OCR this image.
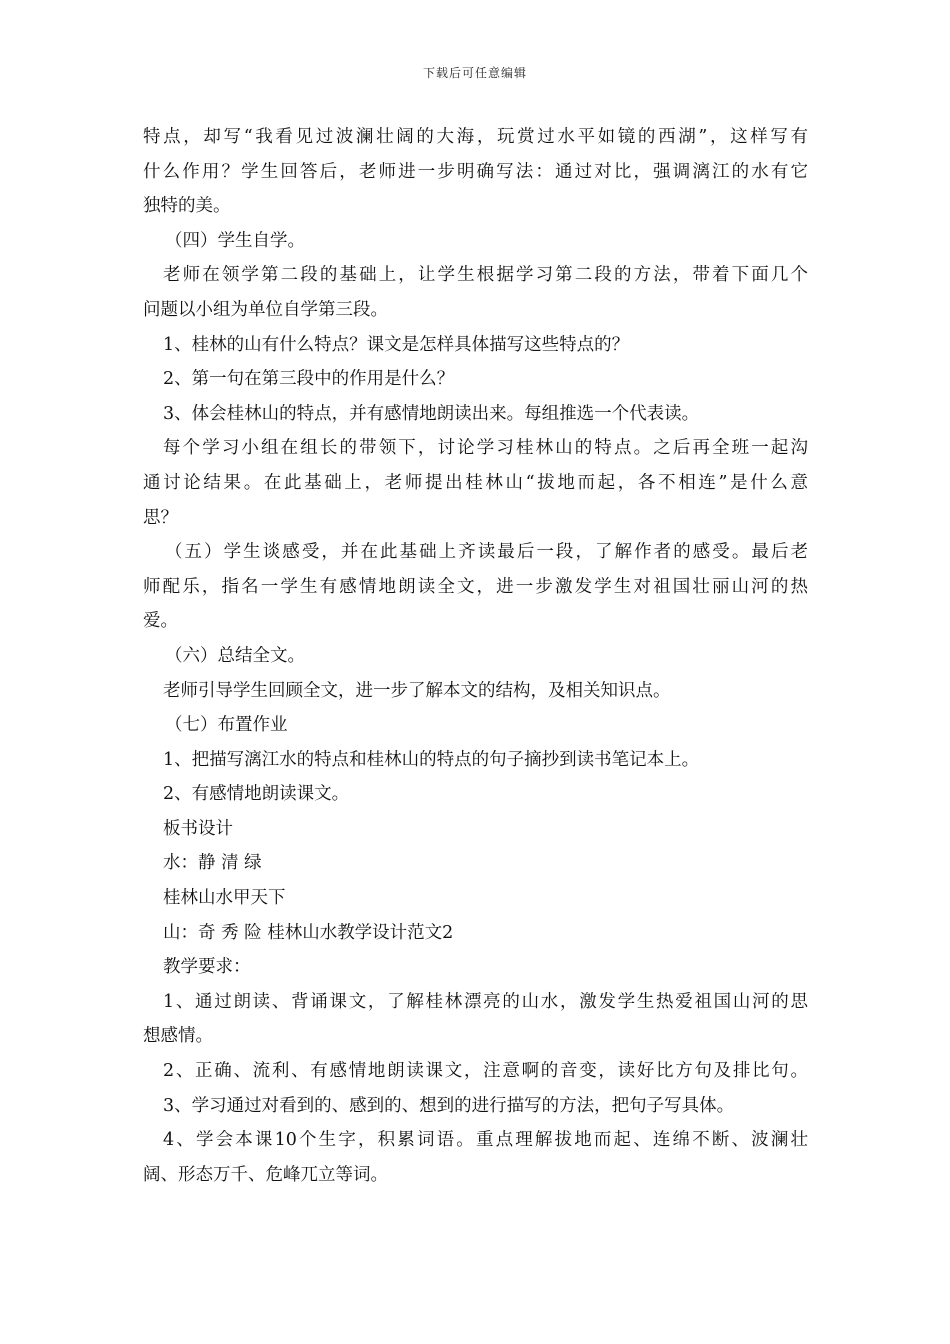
下载后可任意编辑
特点，却写“我看见过波澜壮阔的大海，玩赏过水平如镜的西湖”，这样写有
什么作用？学生回答后，老师进一步明确写法：通过对比，强调漓江的水有它
独特的美。
（四）学生自学。
老师在领学第二段的基础上，让学生根据学习第二段的方法，带着下面几个
问题以小组为单位自学第三段。
1、桂林的山有什么特点？课文是怎样具体描写这些特点的？
2、第一句在第三段中的作用是什么？
3、体会桂林山的特点，并有感情地朗读出来。每组推选一个代表读。
每个学习小组在组长的带领下，讨论学习桂林山的特点。之后再全班一起沟
通讨论结果。在此基础上，老师提出桂林山“拔地而起，各不相连”是什么意
思？
（五）学生谈感受，并在此基础上齐读最后一段，了解作者的感受。最后老
师配乐，指名一学生有感情地朗读全文，进一步激发学生对祖国壮丽山河的热
爱。
（六）总结全文。
老师引导学生回顾全文，进一步了解本文的结构，及相关知识点。
（七）布置作业
1、把描写漓江水的特点和桂林山的特点的句子摘抄到读书笔记本上。
2、有感情地朗读课文。
板书设计
水：静 清 绿
桂林山水甲天下
山：奇 秀 险 桂林山水教学设计范文2
教学要求：
1、通过朗读、背诵课文，了解桂林漂亮的山水，激发学生热爱祖国山河的思
想感情。
2、正确、流利、有感情地朗读课文，注意啊的音变，读好比方句及排比句。
3、学习通过对看到的、感到的、想到的进行描写的方法，把句子写具体。
4、学会本课10个生字，积累词语。重点理解拔地而起、连绵不断、波澜壮
阔、形态万千、危峰兀立等词。
